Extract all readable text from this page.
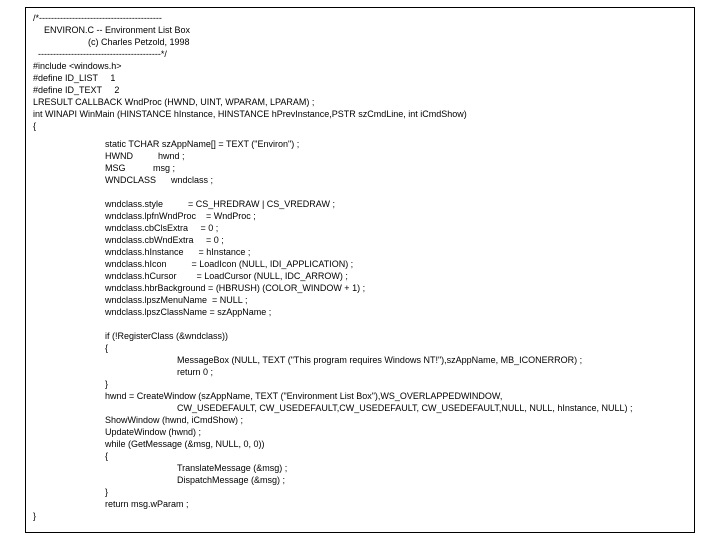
/*-----------------------------------------
ENVIRON.C -- Environment List Box
(c) Charles Petzold, 1998
-----------------------------------------*/
#include <windows.h>
#define ID_LIST     1
#define ID_TEXT     2
LRESULT CALLBACK WndProc (HWND, UINT, WPARAM, LPARAM) ;
int WINAPI WinMain (HINSTANCE hInstance, HINSTANCE hPrevInstance,PSTR szCmdLine, int iCmdShow)
{
static TCHAR szAppName[] = TEXT ("Environ") ;
HWND          hwnd ;
MSG           msg ;
WNDCLASS      wndclass ;
wndclass.style          = CS_HREDRAW | CS_VREDRAW ;
wndclass.lpfnWndProc    = WndProc ;
wndclass.cbClsExtra     = 0 ;
wndclass.cbWndExtra     = 0 ;
wndclass.hInstance      = hInstance ;
wndclass.hIcon          = LoadIcon (NULL, IDI_APPLICATION) ;
wndclass.hCursor        = LoadCursor (NULL, IDC_ARROW) ;
wndclass.hbrBackground = (HBRUSH) (COLOR_WINDOW + 1) ;
wndclass.lpszMenuName  = NULL ;
wndclass.lpszClassName = szAppName ;
if (!RegisterClass (&wndclass))
{
MessageBox (NULL, TEXT ("This program requires Windows NT!"),szAppName, MB_ICONERROR) ;
return 0 ;
}
hwnd = CreateWindow (szAppName, TEXT ("Environment List Box"),WS_OVERLAPPEDWINDOW,
CW_USEDEFAULT, CW_USEDEFAULT,CW_USEDEFAULT, CW_USEDEFAULT,NULL, NULL, hInstance, NULL) ;
ShowWindow (hwnd, iCmdShow) ;
UpdateWindow (hwnd) ;
while (GetMessage (&msg, NULL, 0, 0))
{
TranslateMessage (&msg) ;
DispatchMessage (&msg) ;
}
return msg.wParam ;
}
